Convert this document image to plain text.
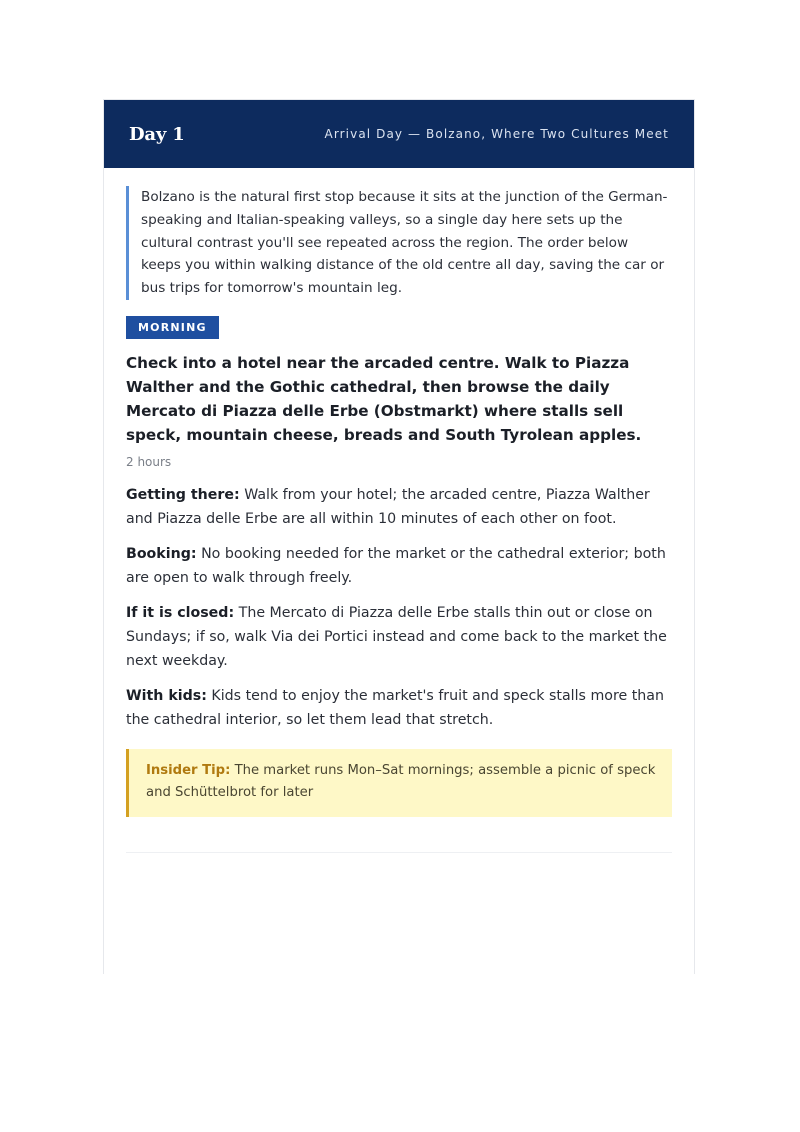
Day 1	Arrival Day — Bolzano, Where Two Cultures Meet

Bolzano is the natural first stop because it sits at the junction of the German-speaking and Italian-speaking valleys, so a single day here sets up the cultural contrast you'll see repeated across the region. The order below keeps you within walking distance of the old centre all day, saving the car or bus trips for tomorrow's mountain leg.

MORNING
Check into a hotel near the arcaded centre. Walk to Piazza Walther and the Gothic cathedral, then browse the daily Mercato di Piazza delle Erbe (Obstmarkt) where stalls sell speck, mountain cheese, breads and South Tyrolean apples.
2 hours
Getting there: Walk from your hotel; the arcaded centre, Piazza Walther and Piazza delle Erbe are all within 10 minutes of each other on foot.
Booking: No booking needed for the market or the cathedral exterior; both are open to walk through freely.
If it is closed: The Mercato di Piazza delle Erbe stalls thin out or close on Sundays; if so, walk Via dei Portici instead and come back to the market the next weekday.
With kids: Kids tend to enjoy the market's fruit and speck stalls more than the cathedral interior, so let them lead that stretch.
Insider Tip: The market runs Mon–Sat mornings; assemble a picnic of speck and Schüttelbrot for later
